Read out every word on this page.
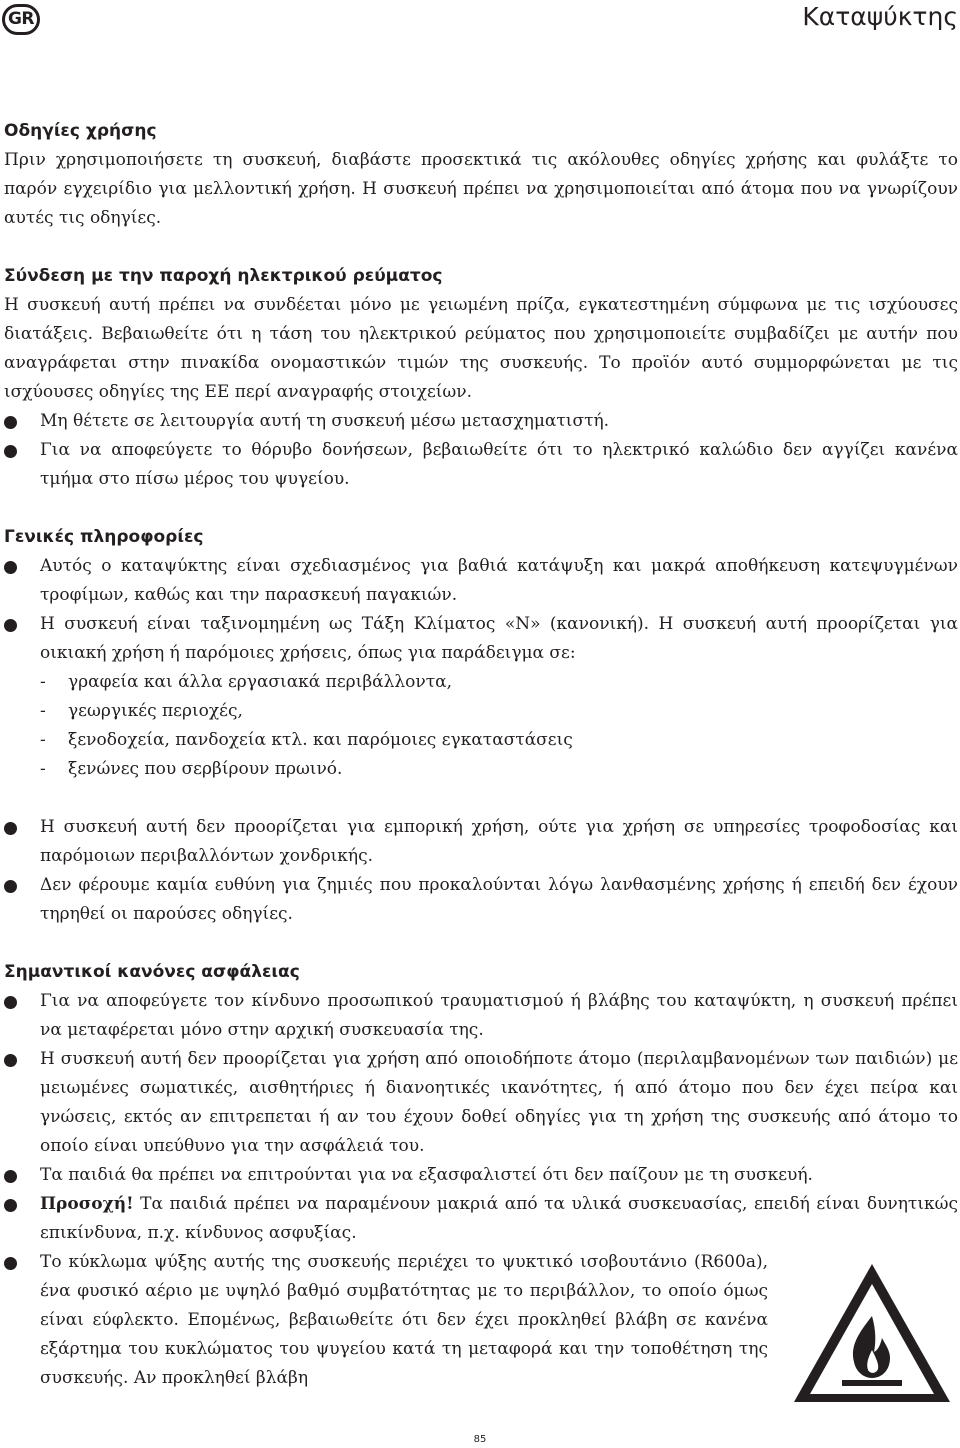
GR	Καταψύκτης

Οδηγίες χρήσης

Πριν χρησιμοποιήσετε τη συσκευή, διαβάστε προσεκτικά τις ακόλουθες οδηγίες χρήσης και φυλάξτε το παρόν εγχειρίδιο για μελλοντική χρήση. Η συσκευή πρέπει να χρησιμοποιείται από άτομα που να γνωρίζουν αυτές τις οδηγίες.

Σύνδεση με την παροχή ηλεκτρικού ρεύματος

Η συσκευή αυτή πρέπει να συνδέεται μόνο με γειωμένη πρίζα, εγκατεστημένη σύμφωνα με τις ισχύουσες διατάξεις. Βεβαιωθείτε ότι η τάση του ηλεκτρικού ρεύματος που χρησιμοποιείτε συμβαδίζει με αυτήν που αναγράφεται στην πινακίδα ονομαστικών τιμών της συσκευής. Το προϊόν αυτό συμμορφώνεται με τις ισχύουσες οδηγίες της ΕΕ περί αναγραφής στοιχείων.

Μη θέτετε σε λειτουργία αυτή τη συσκευή μέσω μετασχηματιστή.
Για να αποφεύγετε το θόρυβο δονήσεων, βεβαιωθείτε ότι το ηλεκτρικό καλώδιο δεν αγγίζει κανένα τμήμα στο πίσω μέρος του ψυγείου.

Γενικές πληροφορίες

Αυτός ο καταψύκτης είναι σχεδιασμένος για βαθιά κατάψυξη και μακρά αποθήκευση κατεψυγμένων τροφίμων, καθώς και την παρασκευή παγακιών.
Η συσκευή είναι ταξινομημένη ως Τάξη Κλίματος «N» (κανονική). Η συσκευή αυτή προορίζεται για οικιακή χρήση ή παρόμοιες χρήσεις, όπως για παράδειγμα σε:
- γραφεία και άλλα εργασιακά περιβάλλοντα,
- γεωργικές περιοχές,
- ξενοδοχεία, πανδοχεία κτλ. και παρόμοιες εγκαταστάσεις
- ξενώνες που σερβίρουν πρωινό.
Η συσκευή αυτή δεν προορίζεται για εμπορική χρήση, ούτε για χρήση σε υπηρεσίες τροφοδοσίας και παρόμοιων περιβαλλόντων χονδρικής.
Δεν φέρουμε καμία ευθύνη για ζημιές που προκαλούνται λόγω λανθασμένης χρήσης ή επειδή δεν έχουν τηρηθεί οι παρούσες οδηγίες.

Σημαντικοί κανόνες ασφάλειας

Για να αποφεύγετε τον κίνδυνο προσωπικού τραυματισμού ή βλάβης του καταψύκτη, η συσκευή πρέπει να μεταφέρεται μόνο στην αρχική συσκευασία της.
Η συσκευή αυτή δεν προορίζεται για χρήση από οποιοδήποτε άτομο (περιλαμβανομένων των παιδιών) με μειωμένες σωματικές, αισθητήριες ή διανοητικές ικανότητες, ή από άτομο που δεν έχει πείρα και γνώσεις, εκτός αν επιτρεπεται ή αν του έχουν δοθεί οδηγίες για τη χρήση της συσκευής από άτομο το οποίο είναι υπεύθυνο για την ασφάλειά του.
Τα παιδιά θα πρέπει να επιτρούνται για να εξασφαλιστεί ότι δεν παίζουν με τη συσκευή.
Προσοχή! Τα παιδιά πρέπει να παραμένουν μακριά από τα υλικά συσκευασίας, επειδή είναι δυνητικώς επικίνδυνα, π.χ. κίνδυνος ασφυξίας.
Το κύκλωμα ψύξης αυτής της συσκευής περιέχει το ψυκτικό ισοβουτάνιο (R600a), ένα φυσικό αέριο με υψηλό βαθμό συμβατότητας με το περιβάλλον, το οποίο όμως είναι εύφλεκτο. Επομένως, βεβαιωθείτε ότι δεν έχει προκληθεί βλάβη σε κανένα εξάρτημα του κυκλώματος του ψυγείου κατά τη μεταφορά και την τοποθέτηση της συσκευής. Αν προκληθεί βλάβη
85
